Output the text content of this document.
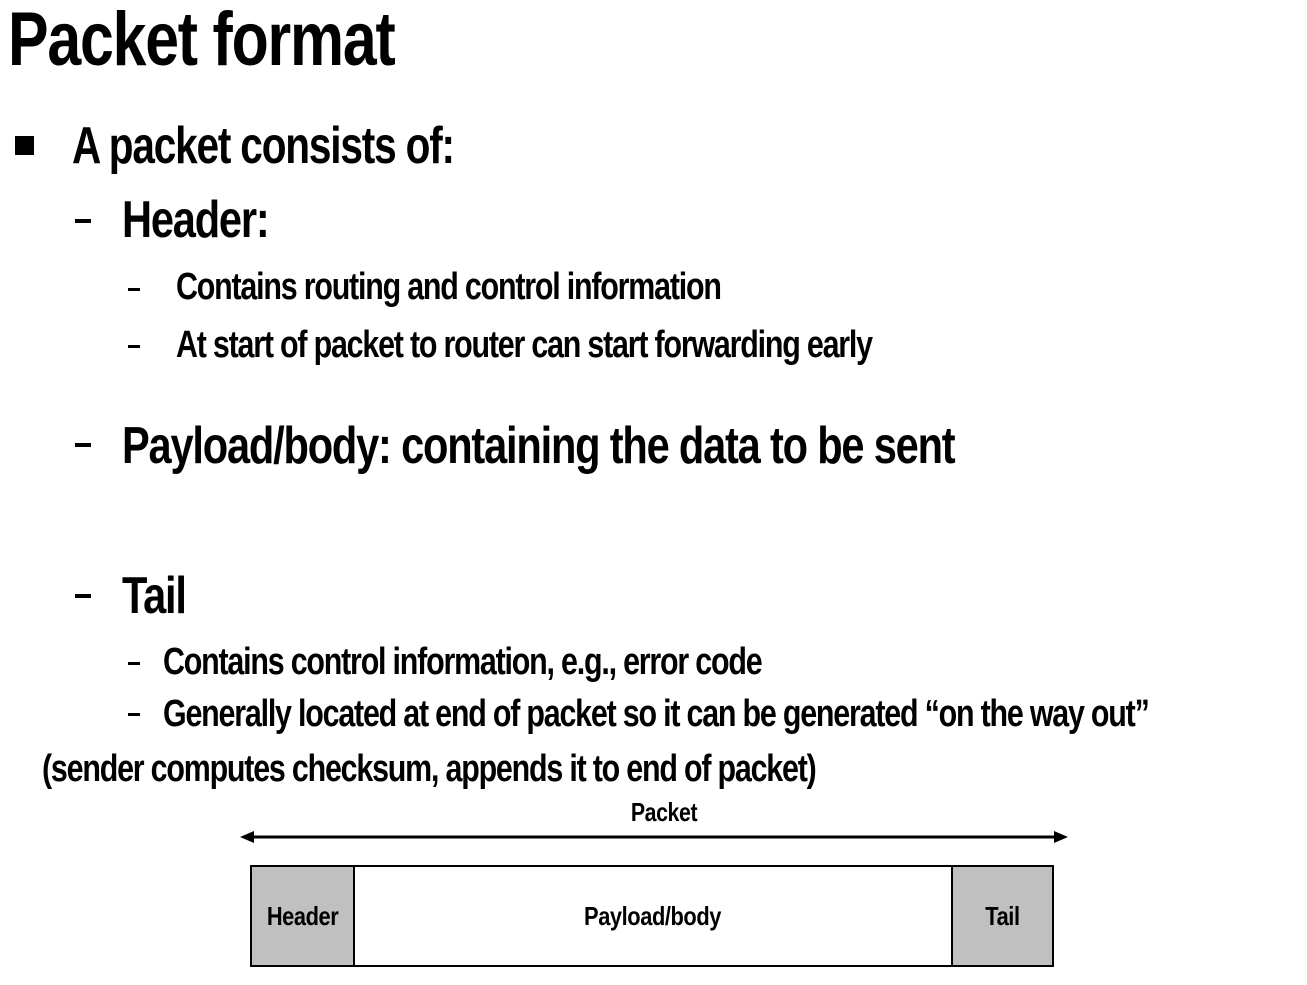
Packet format
A packet consists of:
Header:
Contains routing and control information
At start of packet to router can start forwarding early
Payload/body: containing the data to be sent
Tail
Contains control information, e.g., error code
Generally located at end of packet so it can be generated “on the way out”
(sender computes checksum, appends it to end of packet)
Packet
Header	Payload/body	Tail
